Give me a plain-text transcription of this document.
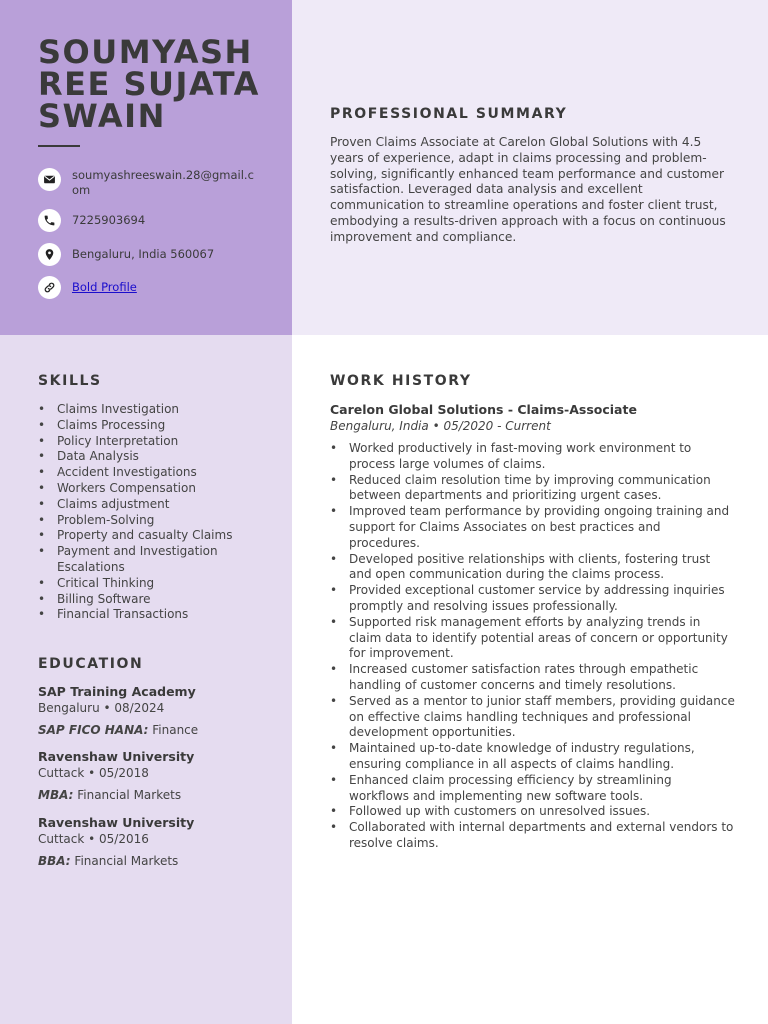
SOUMYASHREE SUJATA SWAIN
soumyashreeswain.28@gmail.com
7225903694
Bengaluru, India 560067
Bold Profile
PROFESSIONAL SUMMARY

Proven Claims Associate at Carelon Global Solutions with 4.5 years of experience, adapt in claims processing and problem-solving, significantly enhanced team performance and customer satisfaction. Leveraged data analysis and excellent communication to streamline operations and foster client trust, embodying a results-driven approach with a focus on continuous improvement and compliance.

SKILLS
• Claims Investigation
• Claims Processing
• Policy Interpretation
• Data Analysis
• Accident Investigations
• Workers Compensation
• Claims adjustment
• Problem-Solving
• Property and casualty Claims
• Payment and Investigation Escalations
• Critical Thinking
• Billing Software
• Financial Transactions
EDUCATION
SAP Training Academy
Bengaluru • 08/2024
SAP FICO HANA: Finance
Ravenshaw University
Cuttack • 05/2018
MBA: Financial Markets
Ravenshaw University
Cuttack • 05/2016
BBA: Financial Markets
WORK HISTORY
Carelon Global Solutions - Claims-Associate
Bengaluru, India • 05/2020 - Current
• Worked productively in fast-moving work environment to process large volumes of claims.
• Reduced claim resolution time by improving communication between departments and prioritizing urgent cases.
• Improved team performance by providing ongoing training and support for Claims Associates on best practices and procedures.
• Developed positive relationships with clients, fostering trust and open communication during the claims process.
• Provided exceptional customer service by addressing inquiries promptly and resolving issues professionally.
• Supported risk management efforts by analyzing trends in claim data to identify potential areas of concern or opportunity for improvement.
• Increased customer satisfaction rates through empathetic handling of customer concerns and timely resolutions.
• Served as a mentor to junior staff members, providing guidance on effective claims handling techniques and professional development opportunities.
• Maintained up-to-date knowledge of industry regulations, ensuring compliance in all aspects of claims handling.
• Enhanced claim processing efficiency by streamlining workflows and implementing new software tools.
• Followed up with customers on unresolved issues.
• Collaborated with internal departments and external vendors to resolve claims.
